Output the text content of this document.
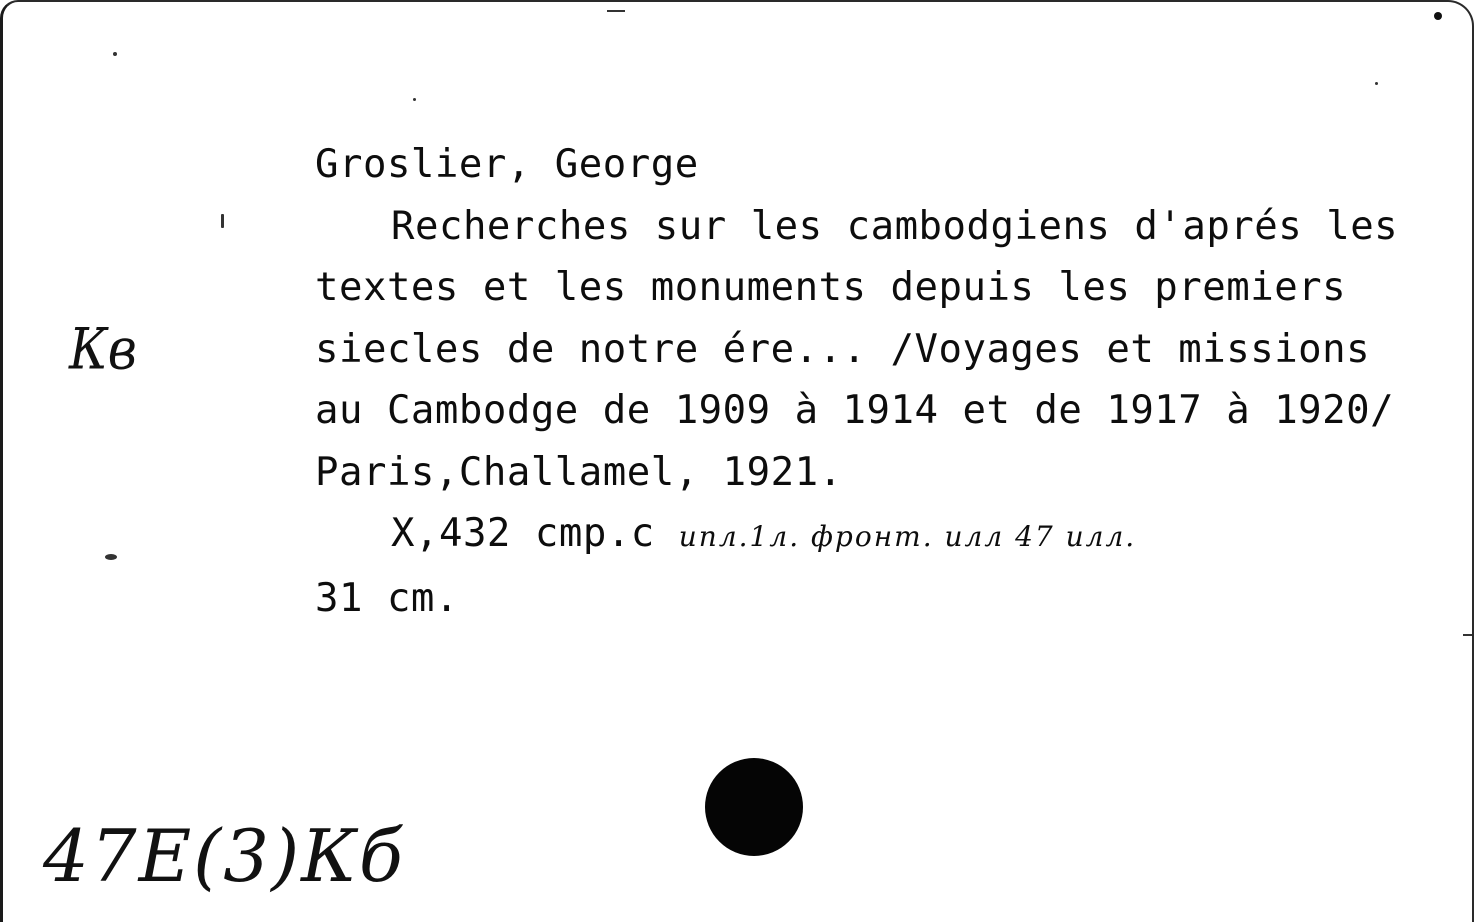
Кв
Groslier, George
Recherches sur les cambodgiens d'aprés les
textes et les monuments depuis les premiers
siecles de notre ére... /Voyages et missions
au Cambodge de 1909 à 1914 et de 1917 à 1920/
Paris,Challamel, 1921.
X,432 cmp.c ипл.1л. фронт. илл 47 илл.
31 cm.
47Е(3)Кб
